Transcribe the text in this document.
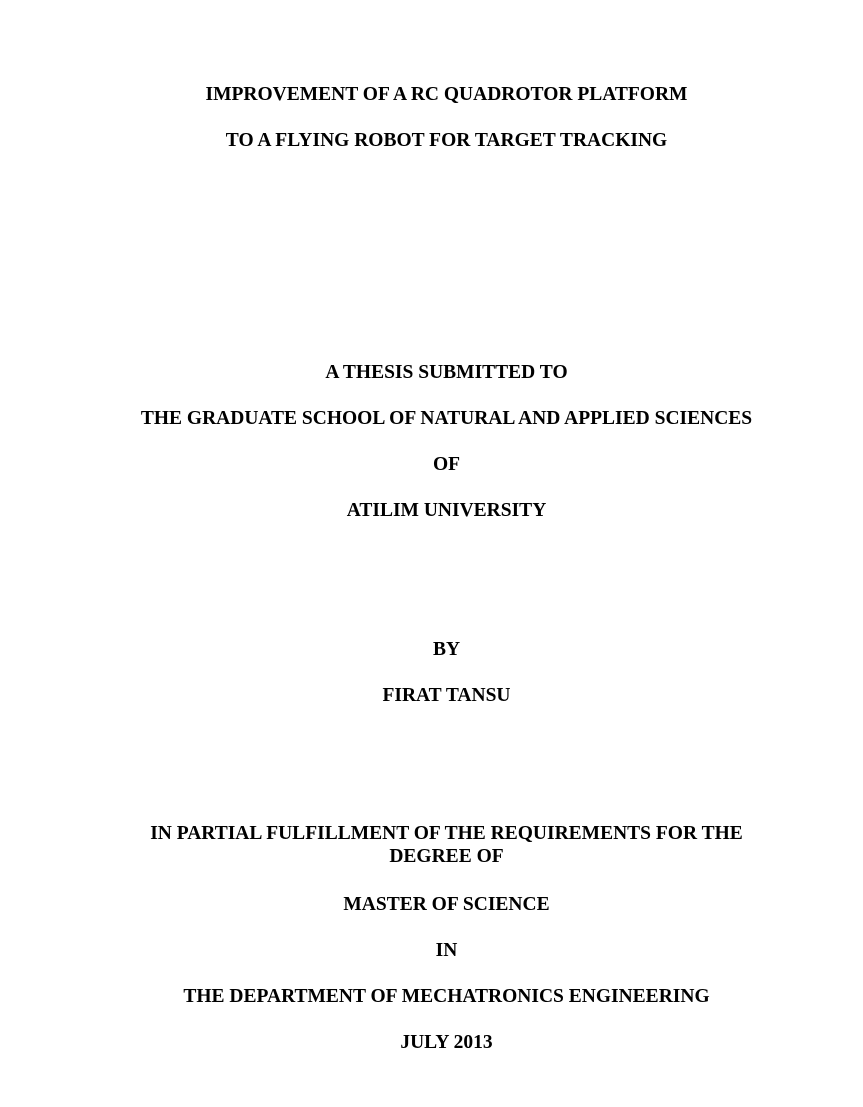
IMPROVEMENT OF A RC QUADROTOR PLATFORM
TO A FLYING ROBOT FOR TARGET TRACKING
A THESIS SUBMITTED TO
THE GRADUATE SCHOOL OF NATURAL AND APPLIED SCIENCES
OF
ATILIM UNIVERSITY
BY
FIRAT TANSU
IN PARTIAL FULFILLMENT OF THE REQUIREMENTS FOR THE
DEGREE OF
MASTER OF SCIENCE
IN
THE DEPARTMENT OF MECHATRONICS ENGINEERING
JULY 2013
